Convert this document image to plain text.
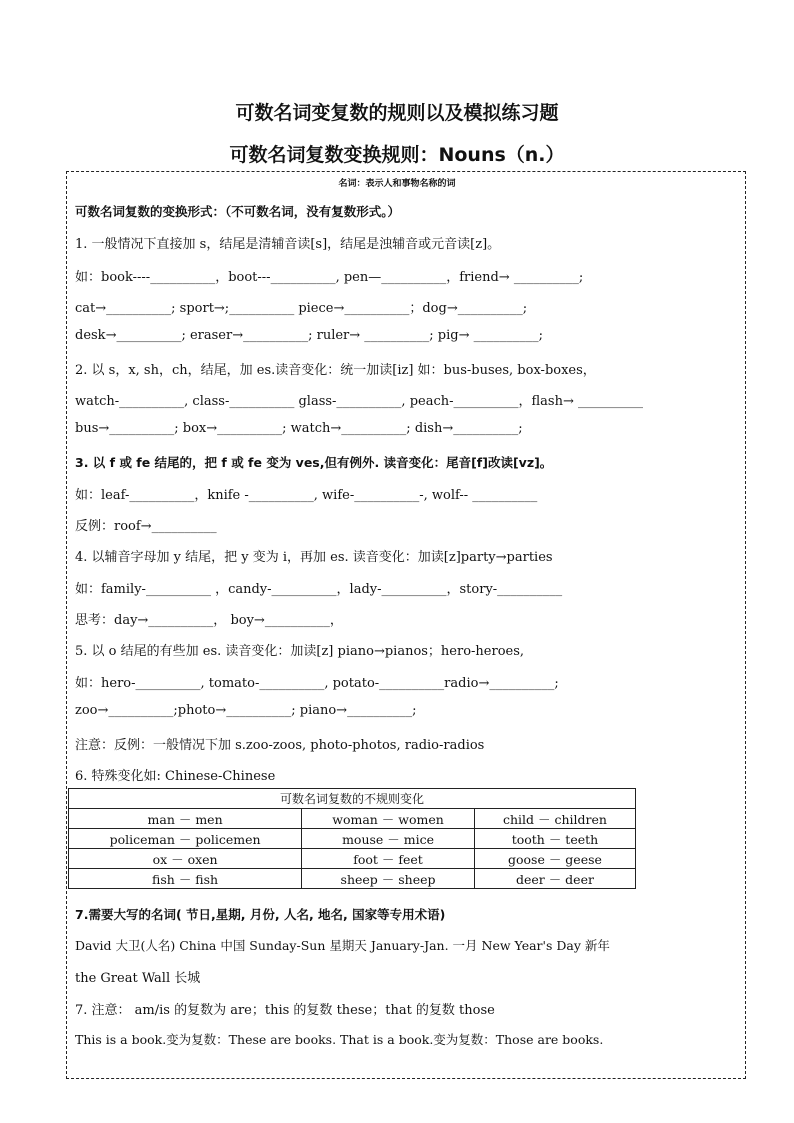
可数名词变复数的规则以及模拟练习题
可数名词复数变换规则：Nouns（n.）
名词：表示人和事物名称的词
可数名词复数的变换形式：（不可数名词，没有复数形式。）
1. 一般情况下直接加 s，结尾是清辅音读[s]，结尾是浊辅音或元音读[z]。
如：book----__________，boot---__________, pen—__________，friend→ __________;
cat→__________; sport→;__________ piece→__________；dog→__________;
desk→__________; eraser→__________; ruler→ __________; pig→ __________;
2. 以 s，x, sh，ch，结尾，加 es.读音变化：统一加读[iz] 如：bus-buses, box-boxes，
watch-__________, class-__________ glass-__________, peach-__________，flash→ __________
bus→__________; box→__________; watch→__________; dish→__________;
3. 以 f 或 fe 结尾的，把 f 或 fe 变为 ves,但有例外. 读音变化：尾音[f]改读[vz]。
如：leaf-__________，knife -__________, wife-__________-, wolf-- __________
反例：roof→__________
4. 以辅音字母加 y 结尾，把 y 变为 i，再加 es. 读音变化：加读[z]party→parties
如：family-__________ ，candy-__________，lady-__________，story-__________
思考：day→__________， boy→__________，
5. 以 o 结尾的有些加 es. 读音变化：加读[z] piano→pianos；hero-heroes,
如：hero-__________, tomato-__________, potato-__________radio→__________;
zoo→__________;photo→__________; piano→__________;
注意：反例：一般情况下加 s.zoo-zoos, photo-photos, radio-radios
6. 特殊变化如: Chinese-Chinese
可数名词复数的不规则变化		
man － men	woman － women	child － children
policeman － policemen	mouse － mice	tooth － teeth
ox － oxen	foot － feet	goose － geese
fish － fish	sheep － sheep	deer － deer
7.需要大写的名词( 节日,星期, 月份, 人名, 地名, 国家等专用术语)
David 大卫(人名) China 中国 Sunday-Sun 星期天 January-Jan. 一月 New Year's Day 新年
the Great Wall 长城
7. 注意： am/is 的复数为 are；this 的复数 these；that 的复数 those
This is a book.变为复数：These are books. That is a book.变为复数：Those are books.
